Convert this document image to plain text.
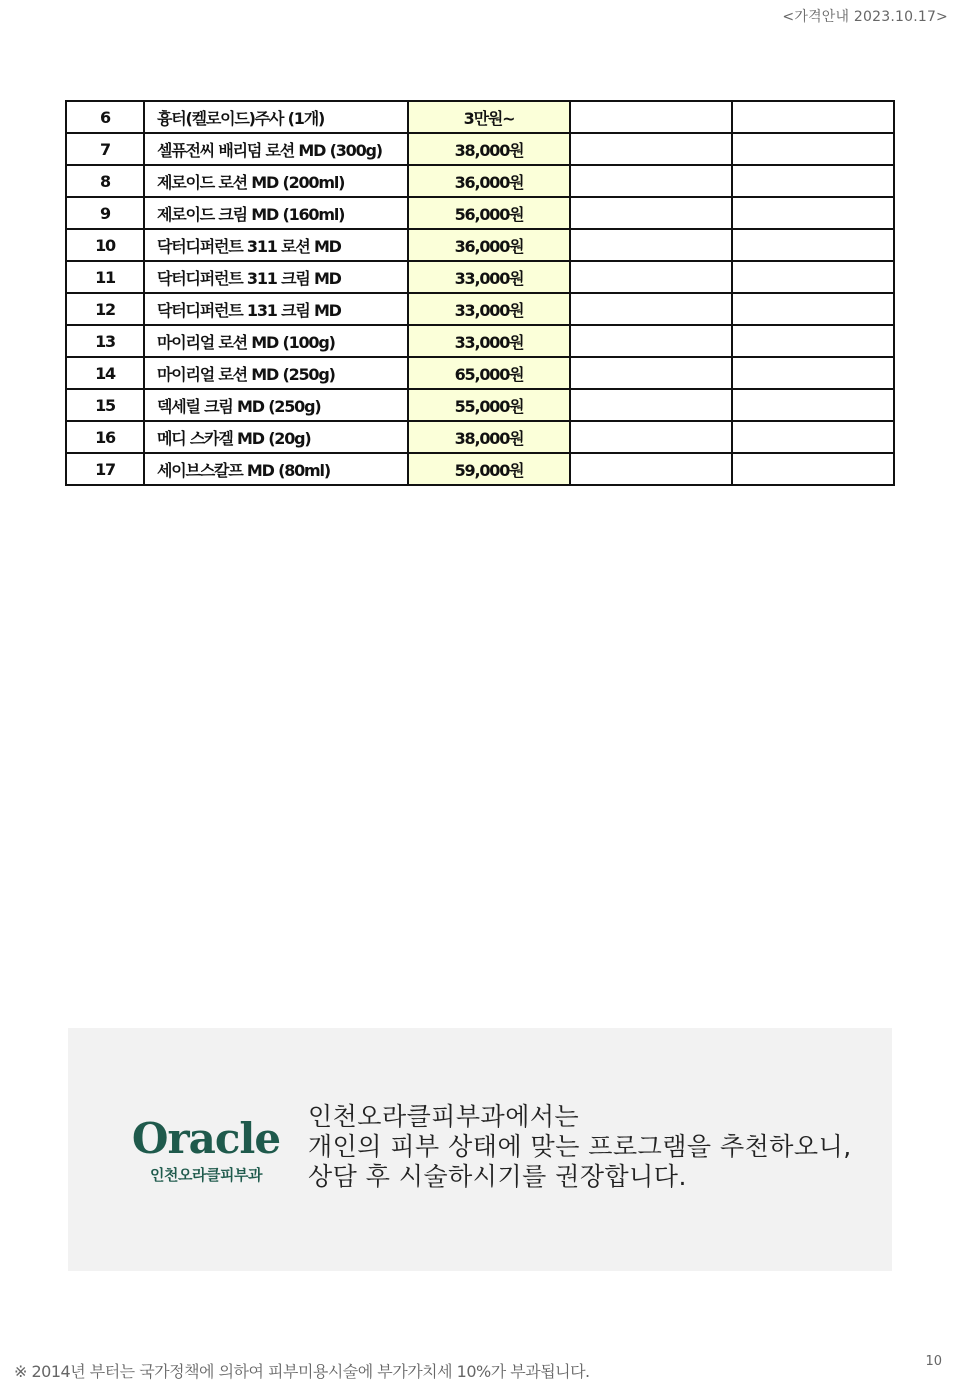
<가격안내 2023.10.17>
6	흉터(켈로이드)주사 (1개)	3만원~		
7	셀퓨전씨 배리덤 로션 MD (300g)	38,000원		
8	제로이드 로션 MD (200ml)	36,000원		
9	제로이드 크림 MD (160ml)	56,000원		
10	닥터디퍼런트 311 로션 MD	36,000원		
11	닥터디퍼런트 311 크림 MD	33,000원		
12	닥터디퍼런트 131 크림 MD	33,000원		
13	마이리얼 로션 MD (100g)	33,000원		
14	마이리얼 로션 MD (250g)	65,000원		
15	덱세릴 크림 MD (250g)	55,000원		
16	메디 스카겔 MD (20g)	38,000원		
17	세이브스칼프 MD (80ml)	59,000원		
Oracle
인천오라클피부과
인천오라클피부과에서는
개인의 피부 상태에 맞는 프로그램을 추천하오니,
상담 후 시술하시기를 권장합니다.
※ 2014년 부터는 국가정책에 의하여 피부미용시술에 부가가치세 10%가 부과됩니다.
10
